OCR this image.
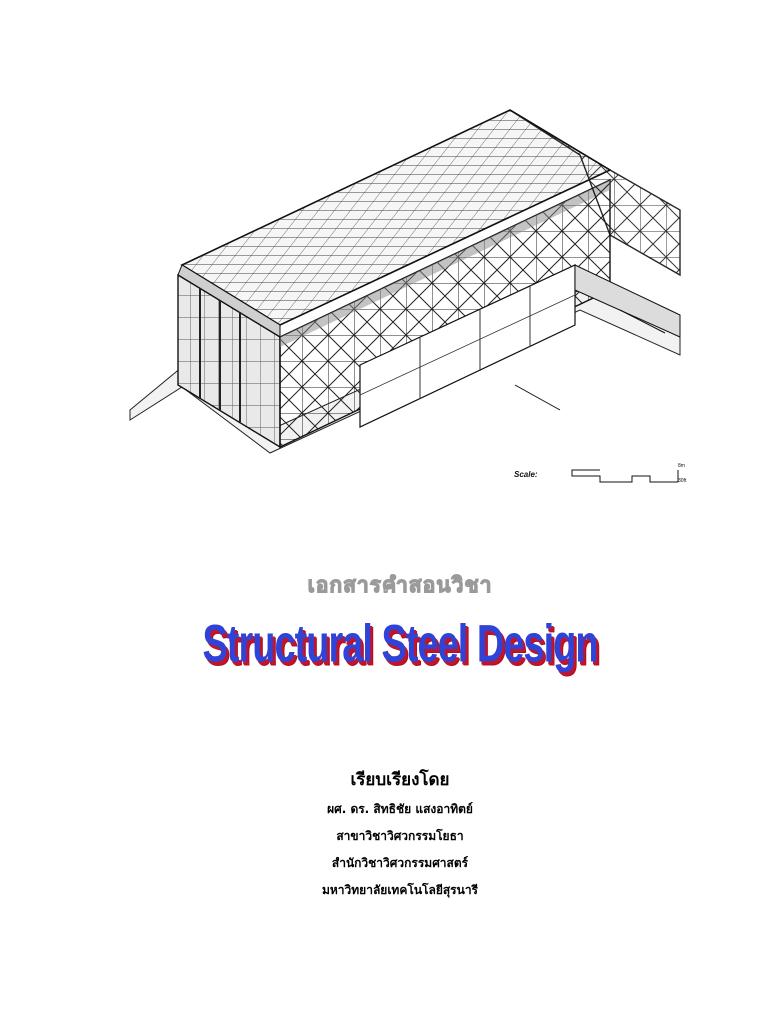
Scale:
8m
30ft
เอกสารคำสอนวิชา
Structural Steel Design
เรียบเรียงโดย
ผศ. ดร. สิทธิชัย แสงอาทิตย์
สาขาวิชาวิศวกรรมโยธา
สำนักวิชาวิศวกรรมศาสตร์
มหาวิทยาลัยเทคโนโลยีสุรนารี
